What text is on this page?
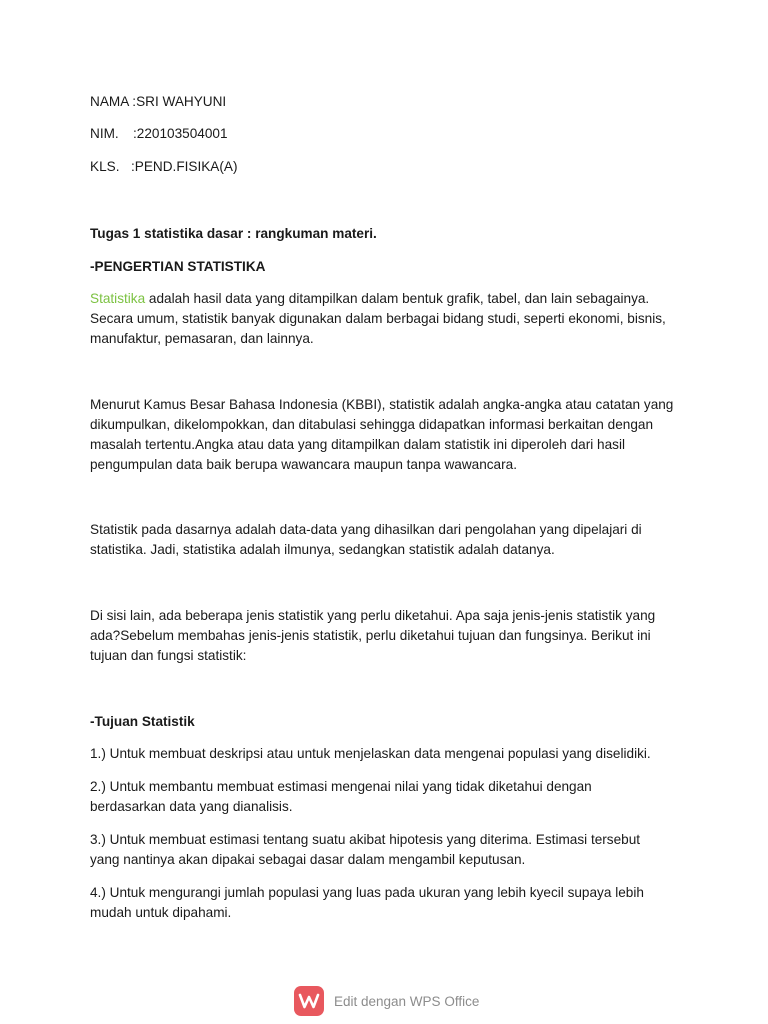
NAMA :SRI WAHYUNI
NIM. :220103504001
KLS. :PEND.FISIKA(A)
Tugas 1 statistika dasar : rangkuman materi.
-PENGERTIAN STATISTIKA
Statistika adalah hasil data yang ditampilkan dalam bentuk grafik, tabel, dan lain sebagainya.
Secara umum, statistik banyak digunakan dalam berbagai bidang studi, seperti ekonomi, bisnis,
manufaktur, pemasaran, dan lainnya.
Menurut Kamus Besar Bahasa Indonesia (KBBI), statistik adalah angka-angka atau catatan yang
dikumpulkan, dikelompokkan, dan ditabulasi sehingga didapatkan informasi berkaitan dengan
masalah tertentu.Angka atau data yang ditampilkan dalam statistik ini diperoleh dari hasil
pengumpulan data baik berupa wawancara maupun tanpa wawancara.
Statistik pada dasarnya adalah data-data yang dihasilkan dari pengolahan yang dipelajari di
statistika. Jadi, statistika adalah ilmunya, sedangkan statistik adalah datanya.
Di sisi lain, ada beberapa jenis statistik yang perlu diketahui. Apa saja jenis-jenis statistik yang
ada?Sebelum membahas jenis-jenis statistik, perlu diketahui tujuan dan fungsinya. Berikut ini
tujuan dan fungsi statistik:
-Tujuan Statistik
1.) Untuk membuat deskripsi atau untuk menjelaskan data mengenai populasi yang diselidiki.
2.) Untuk membantu membuat estimasi mengenai nilai yang tidak diketahui dengan
berdasarkan data yang dianalisis.
3.) Untuk membuat estimasi tentang suatu akibat hipotesis yang diterima. Estimasi tersebut
yang nantinya akan dipakai sebagai dasar dalam mengambil keputusan.
4.) Untuk mengurangi jumlah populasi yang luas pada ukuran yang lebih kyecil supaya lebih
mudah untuk dipahami.
Edit dengan WPS Office
